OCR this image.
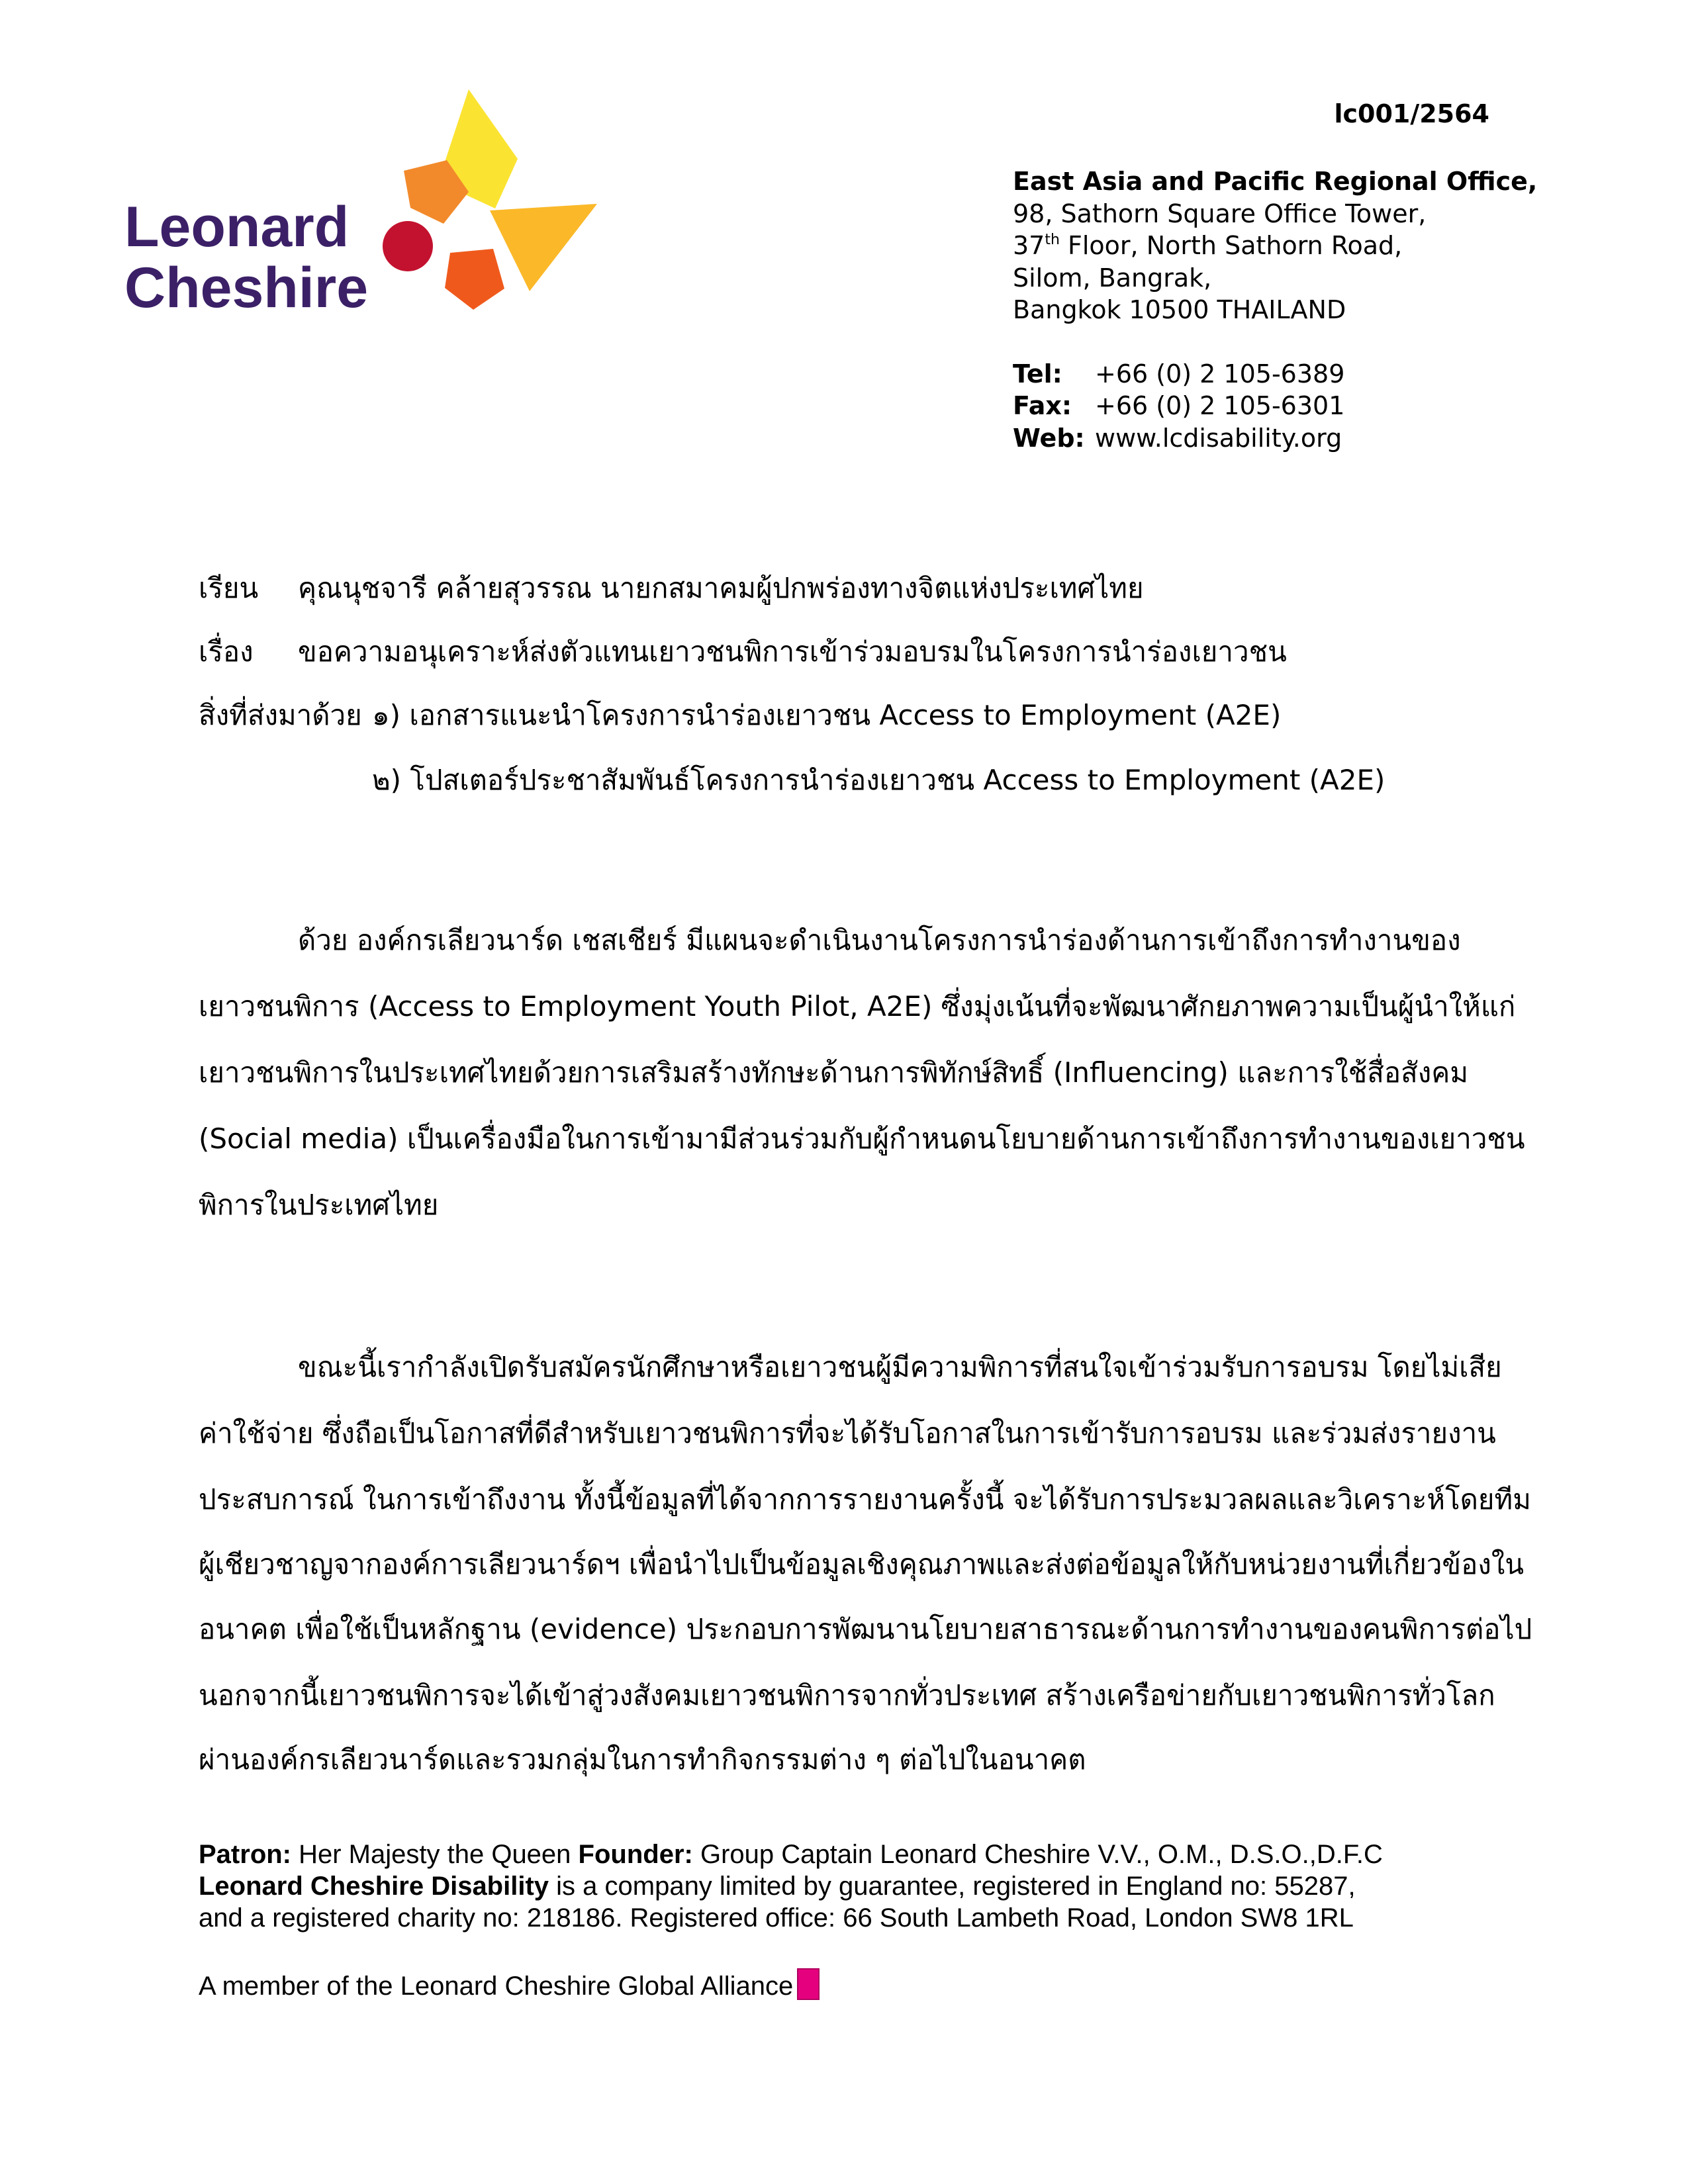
Leonard
Cheshire
lc001/2564
East Asia and Pacific Regional Office,
98, Sathorn Square Office Tower,
37th Floor, North Sathorn Road,
Silom, Bangrak,
Bangkok 10500 THAILAND
Tel:	+66 (0) 2 105-6389
Fax: +66 (0) 2 105-6301
Web: www.lcdisability.org
เรียน คุณนุชจารี คล้ายสุวรรณ นายกสมาคมผู้ปกพร่องทางจิตแห่งประเทศไทย
เรื่อง ขอความอนุเคราะห์ส่งตัวแทนเยาวชนพิการเข้าร่วมอบรมในโครงการนำร่องเยาวชน
สิ่งที่ส่งมาด้วย ๑) เอกสารแนะนำโครงการนำร่องเยาวชน Access to Employment (A2E)
๒) โปสเตอร์ประชาสัมพันธ์โครงการนำร่องเยาวชน Access to Employment (A2E)
ด้วย องค์กรเลียวนาร์ด เชสเชียร์ มีแผนจะดำเนินงานโครงการนำร่องด้านการเข้าถึงการทำงานของ
เยาวชนพิการ (Access to Employment Youth Pilot, A2E) ซึ่งมุ่งเน้นที่จะพัฒนาศักยภาพความเป็นผู้นำให้แก่
เยาวชนพิการในประเทศไทยด้วยการเสริมสร้างทักษะด้านการพิทักษ์สิทธิ์ (Influencing) และการใช้สื่อสังคม
(Social media) เป็นเครื่องมือในการเข้ามามีส่วนร่วมกับผู้กำหนดนโยบายด้านการเข้าถึงการทำงานของเยาวชน
พิการในประเทศไทย
ขณะนี้เรากำลังเปิดรับสมัครนักศึกษาหรือเยาวชนผู้มีความพิการที่สนใจเข้าร่วมรับการอบรม โดยไม่เสีย
ค่าใช้จ่าย ซึ่งถือเป็นโอกาสที่ดีสำหรับเยาวชนพิการที่จะได้รับโอกาสในการเข้ารับการอบรม และร่วมส่งรายงาน
ประสบการณ์ ในการเข้าถึงงาน ทั้งนี้ข้อมูลที่ได้จากการรายงานครั้งนี้ จะได้รับการประมวลผลและวิเคราะห์โดยทีม
ผู้เชียวชาญจากองค์การเลียวนาร์ดฯ เพื่อนำไปเป็นข้อมูลเชิงคุณภาพและส่งต่อข้อมูลให้กับหน่วยงานที่เกี่ยวข้องใน
อนาคต เพื่อใช้เป็นหลักฐาน (evidence) ประกอบการพัฒนานโยบายสาธารณะด้านการทำงานของคนพิการต่อไป
นอกจากนี้เยาวชนพิการจะได้เข้าสู่วงสังคมเยาวชนพิการจากทั่วประเทศ สร้างเครือข่ายกับเยาวชนพิการทั่วโลก
ผ่านองค์กรเลียวนาร์ดและรวมกลุ่มในการทำกิจกรรมต่าง ๆ ต่อไปในอนาคต
Patron: Her Majesty the Queen Founder: Group Captain Leonard Cheshire V.V., O.M., D.S.O.,D.F.C
Leonard Cheshire Disability is a company limited by guarantee, registered in England no: 55287,
and a registered charity no: 218186. Registered office: 66 South Lambeth Road, London SW8 1RL
A member of the Leonard Cheshire Global Alliance
